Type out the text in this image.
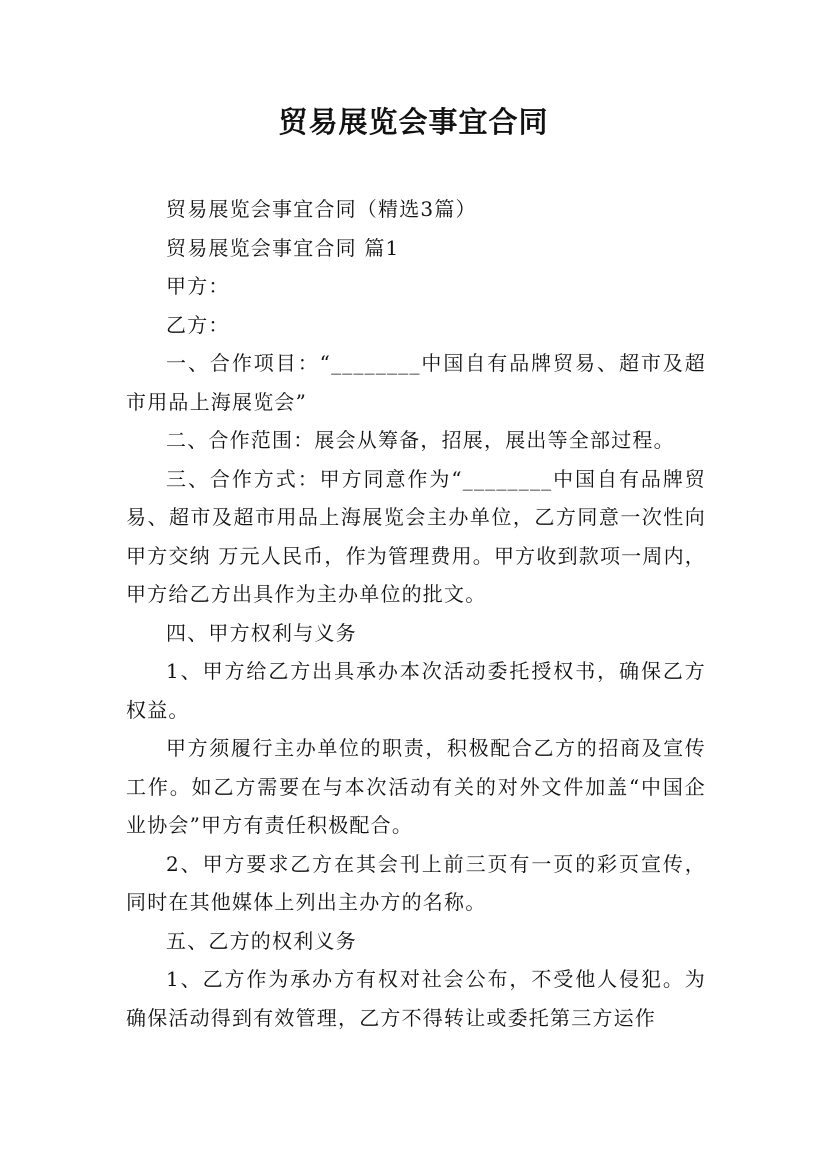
贸易展览会事宜合同

贸易展览会事宜合同（精选3篇）

贸易展览会事宜合同 篇1

甲方：

乙方：

一、合作项目：“________中国自有品牌贸易、超市及超市用品上海展览会”

二、合作范围：展会从筹备，招展，展出等全部过程。

三、合作方式：甲方同意作为“________中国自有品牌贸易、超市及超市用品上海展览会主办单位，乙方同意一次性向甲方交纳 万元人民币，作为管理费用。甲方收到款项一周内，甲方给乙方出具作为主办单位的批文。

四、甲方权利与义务

1、甲方给乙方出具承办本次活动委托授权书，确保乙方权益。

甲方须履行主办单位的职责，积极配合乙方的招商及宣传工作。如乙方需要在与本次活动有关的对外文件加盖“中国企业协会”甲方有责任积极配合。

2、甲方要求乙方在其会刊上前三页有一页的彩页宣传，同时在其他媒体上列出主办方的名称。

五、乙方的权利义务

1、乙方作为承办方有权对社会公布，不受他人侵犯。为确保活动得到有效管理，乙方不得转让或委托第三方运作
